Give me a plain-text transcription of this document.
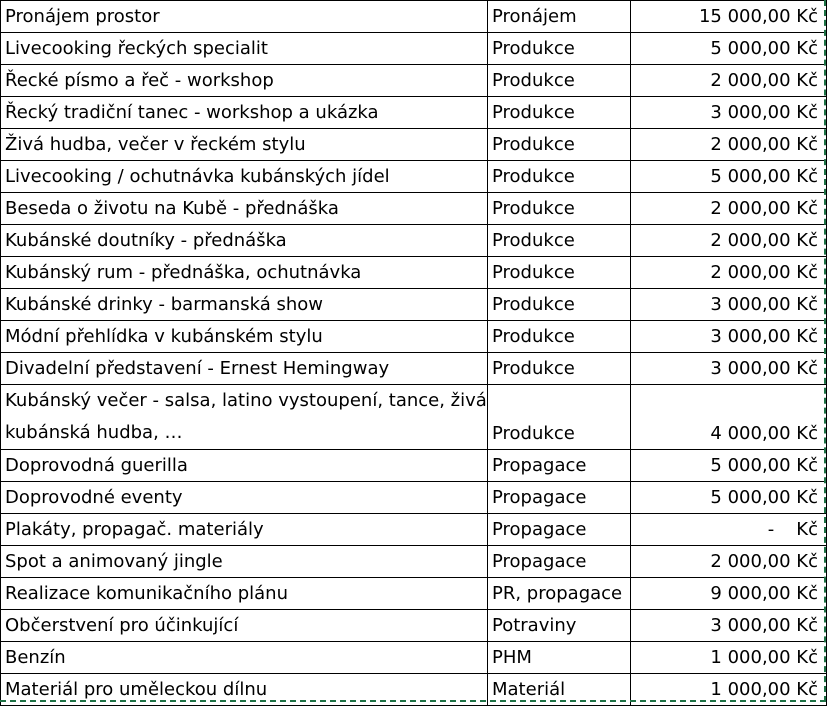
Pronájem prostor	Pronájem	15 000,00 Kč
Livecooking řeckých specialit	Produkce	5 000,00 Kč
Řecké písmo a řeč - workshop	Produkce	2 000,00 Kč
Řecký tradiční tanec - workshop a ukázka	Produkce	3 000,00 Kč
Živá hudba, večer v řeckém stylu	Produkce	2 000,00 Kč
Livecooking / ochutnávka kubánských jídel	Produkce	5 000,00 Kč
Beseda o životu na Kubě - přednáška	Produkce	2 000,00 Kč
Kubánské doutníky - přednáška	Produkce	2 000,00 Kč
Kubánský rum - přednáška, ochutnávka	Produkce	2 000,00 Kč
Kubánské drinky - barmanská show	Produkce	3 000,00 Kč
Módní přehlídka v kubánském stylu	Produkce	3 000,00 Kč
Divadelní představení - Ernest Hemingway	Produkce	3 000,00 Kč
Kubánský večer - salsa, latino vystoupení, tance, živá kubánská hudba, …	Produkce	4 000,00 Kč
Doprovodná guerilla	Propagace	5 000,00 Kč
Doprovodné eventy	Propagace	5 000,00 Kč
Plakáty, propagač. materiály	Propagace	- Kč
Spot a animovaný jingle	Propagace	2 000,00 Kč
Realizace komunikačního plánu	PR, propagace	9 000,00 Kč
Občerstvení pro účinkující	Potraviny	3 000,00 Kč
Benzín	PHM	1 000,00 Kč
Materiál pro uměleckou dílnu	Materiál	1 000,00 Kč
